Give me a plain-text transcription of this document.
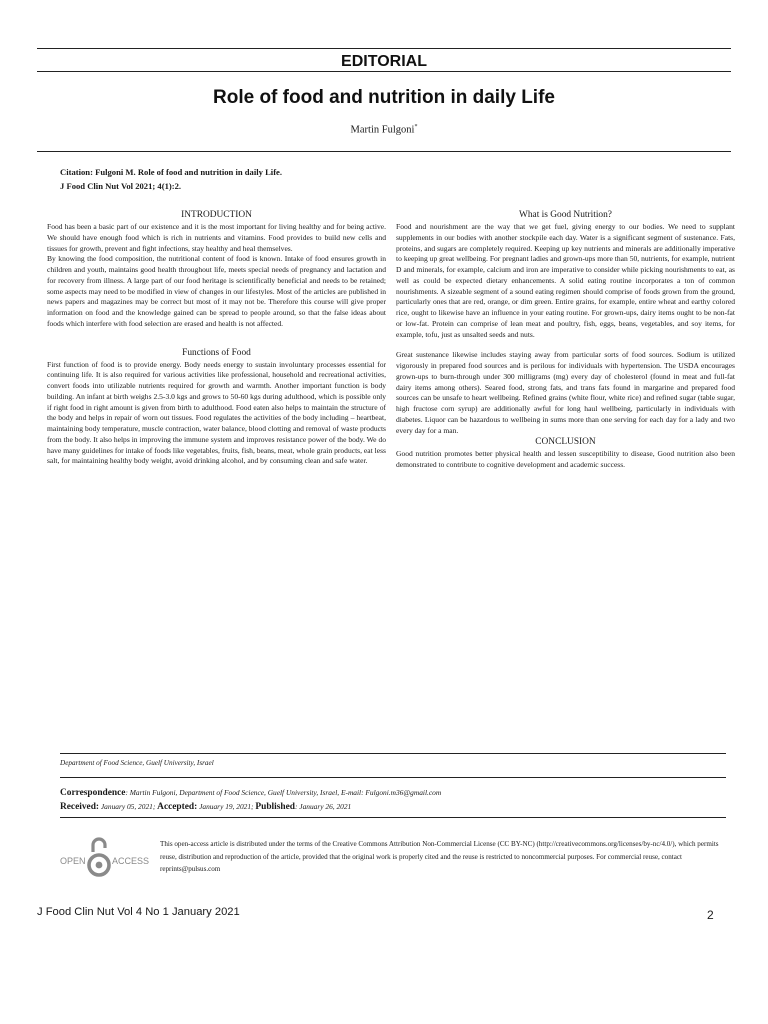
EDITORIAL
Role of food and nutrition in daily Life
Martin Fulgoni*
Citation: Fulgoni M. Role of food and nutrition in daily Life.
J Food Clin Nut Vol 2021; 4(1):2.
INTRODUCTION

Food has been a basic part of our existence and it is the most important for living healthy and for being active. We should have enough food which is rich in nutrients and vitamins. Food provides to build new cells and tissues for growth, prevent and fight infections, stay healthy and heal themselves.

By knowing the food composition, the nutritional content of food is known. Intake of food ensures growth in children and youth, maintains good health throughout life, meets special needs of pregnancy and lactation and for recovery from illness. A large part of our food heritage is scientifically beneficial and needs to be retained; some aspects may need to be modified in view of changes in our lifestyles. Most of the articles are published in news papers and magazines may be correct but most of it may not be. Therefore this course will give proper information on food and the knowledge gained can be spread to people around, so that the false ideas about foods which interfere with food selection are erased and health is not affected.

Functions of Food

First function of food is to provide energy. Body needs energy to sustain involuntary processes essential for continuing life. It is also required for various activities like professional, household and recreational activities, convert foods into utilizable nutrients required for growth and warmth. Another important function is body building. An infant at birth weighs 2.5-3.0 kgs and grows to 50-60 kgs during adulthood, which is possible only if right food in right amount is given from birth to adulthood. Food eaten also helps to maintain the structure of the body and helps in repair of worn out tissues. Food regulates the activities of the body including – heartbeat, maintaining body temperature, muscle contraction, water balance, blood clotting and removal of waste products from the body. It also helps in improving the immune system and improves resistance power of the body. We do have many guidelines for intake of foods like vegetables, fruits, fish, beans, meat, whole grain products, eat less salt, for maintaining healthy body weight, avoid drinking alcohol, and by consuming clean and safe water.

What is Good Nutrition?

Food and nourishment are the way that we get fuel, giving energy to our bodies. We need to supplant supplements in our bodies with another stockpile each day. Water is a significant segment of sustenance. Fats, proteins, and sugars are completely required. Keeping up key nutrients and minerals are additionally imperative to keeping up great wellbeing. For pregnant ladies and grown-ups more than 50, nutrients, for example, nutrient D and minerals, for example, calcium and iron are imperative to consider while picking nourishments to eat, as well as could be expected dietary enhancements. A solid eating routine incorporates a ton of common nourishments. A sizeable segment of a sound eating regimen should comprise of foods grown from the ground, particularly ones that are red, orange, or dim green. Entire grains, for example, entire wheat and earthy colored rice, ought to likewise have an influence in your eating routine. For grown-ups, dairy items ought to be non-fat or low-fat. Protein can comprise of lean meat and poultry, fish, eggs, beans, vegetables, and soy items, for example, tofu, just as unsalted seeds and nuts.

Great sustenance likewise includes staying away from particular sorts of food sources. Sodium is utilized vigorously in prepared food sources and is perilous for individuals with hypertension. The USDA encourages grown-ups to burn-through under 300 milligrams (mg) every day of cholesterol (found in meat and full-fat dairy items among others). Seared food, strong fats, and trans fats found in margarine and prepared food sources can be unsafe to heart wellbeing. Refined grains (white flour, white rice) and refined sugar (table sugar, high fructose corn syrup) are additionally awful for long haul wellbeing, particularly in individuals with diabetes. Liquor can be hazardous to wellbeing in sums more than one serving for each day for a lady and two every day for a man.

CONCLUSION

Good nutrition promotes better physical health and lessen susceptibility to disease, Good nutrition also been demonstrated to contribute to cognitive development and academic success.

Department of Food Science, Guelf University, Israel
Correspondence: Martin Fulgoni, Department of Food Science, Guelf University, Israel, E-mail: Fulgoni.m36@gmail.com
Received: January 05, 2021; Accepted: January 19, 2021; Published: January 26, 2021
OPEN	ACCESS
This open-access article is distributed under the terms of the Creative Commons Attribution Non-Commercial License (CC BY-NC) (http://creativecommons.org/licenses/by-nc/4.0/), which permits reuse, distribution and reproduction of the article, provided that the original work is properly cited and the reuse is restricted to noncommercial purposes. For commercial reuse, contact reprints@pulsus.com
J Food Clin Nut Vol 4 No 1 January 2021	2
